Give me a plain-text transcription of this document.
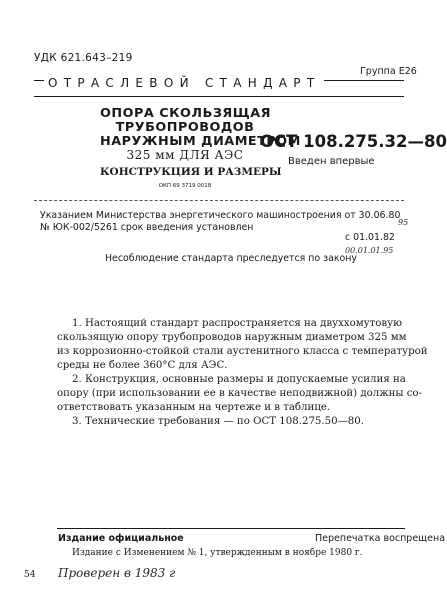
УДК 621.643–219
Группа Е26
ОТРАСЛЕВОЙ СТАНДАРТ
ОПОРА СКОЛЬЗЯЩАЯ
ТРУБОПРОВОДОВ
НАРУЖНЫМ ДИАМЕТРОМ
325 мм ДЛЯ АЭС
КОНСТРУКЦИЯ И РАЗМЕРЫ
ОКП 69 3719 0018
ОСТ 108.275.32—80
Введен впервые
Указанием Министерства энергетического машиностроения от 30.06.80
№ ЮК-002/5261 срок введения установлен	95
с 01.01.82
00.01.01.95
Несоблюдение стандарта преследуется по закону
1. Настоящий стандарт распространяется на двуххомутовую
скользящую опору трубопроводов наружным диаметром 325 мм
из коррозионно-стойкой стали аустенитного класса с температурой
среды не более 360°С для АЭС.
2. Конструкция, основные размеры и допускаемые усилия на
опору (при использовании ее в качестве неподвижной) должны со-
ответствовать указанным на чертеже и в таблице.
3. Технические требования — по ОСТ 108.275.50—80.
Издание официальное	Перепечатка воспрещена
Издание с Изменением № 1, утвержденным в ноябре 1980 г.
54 Проверен в 1983 г
